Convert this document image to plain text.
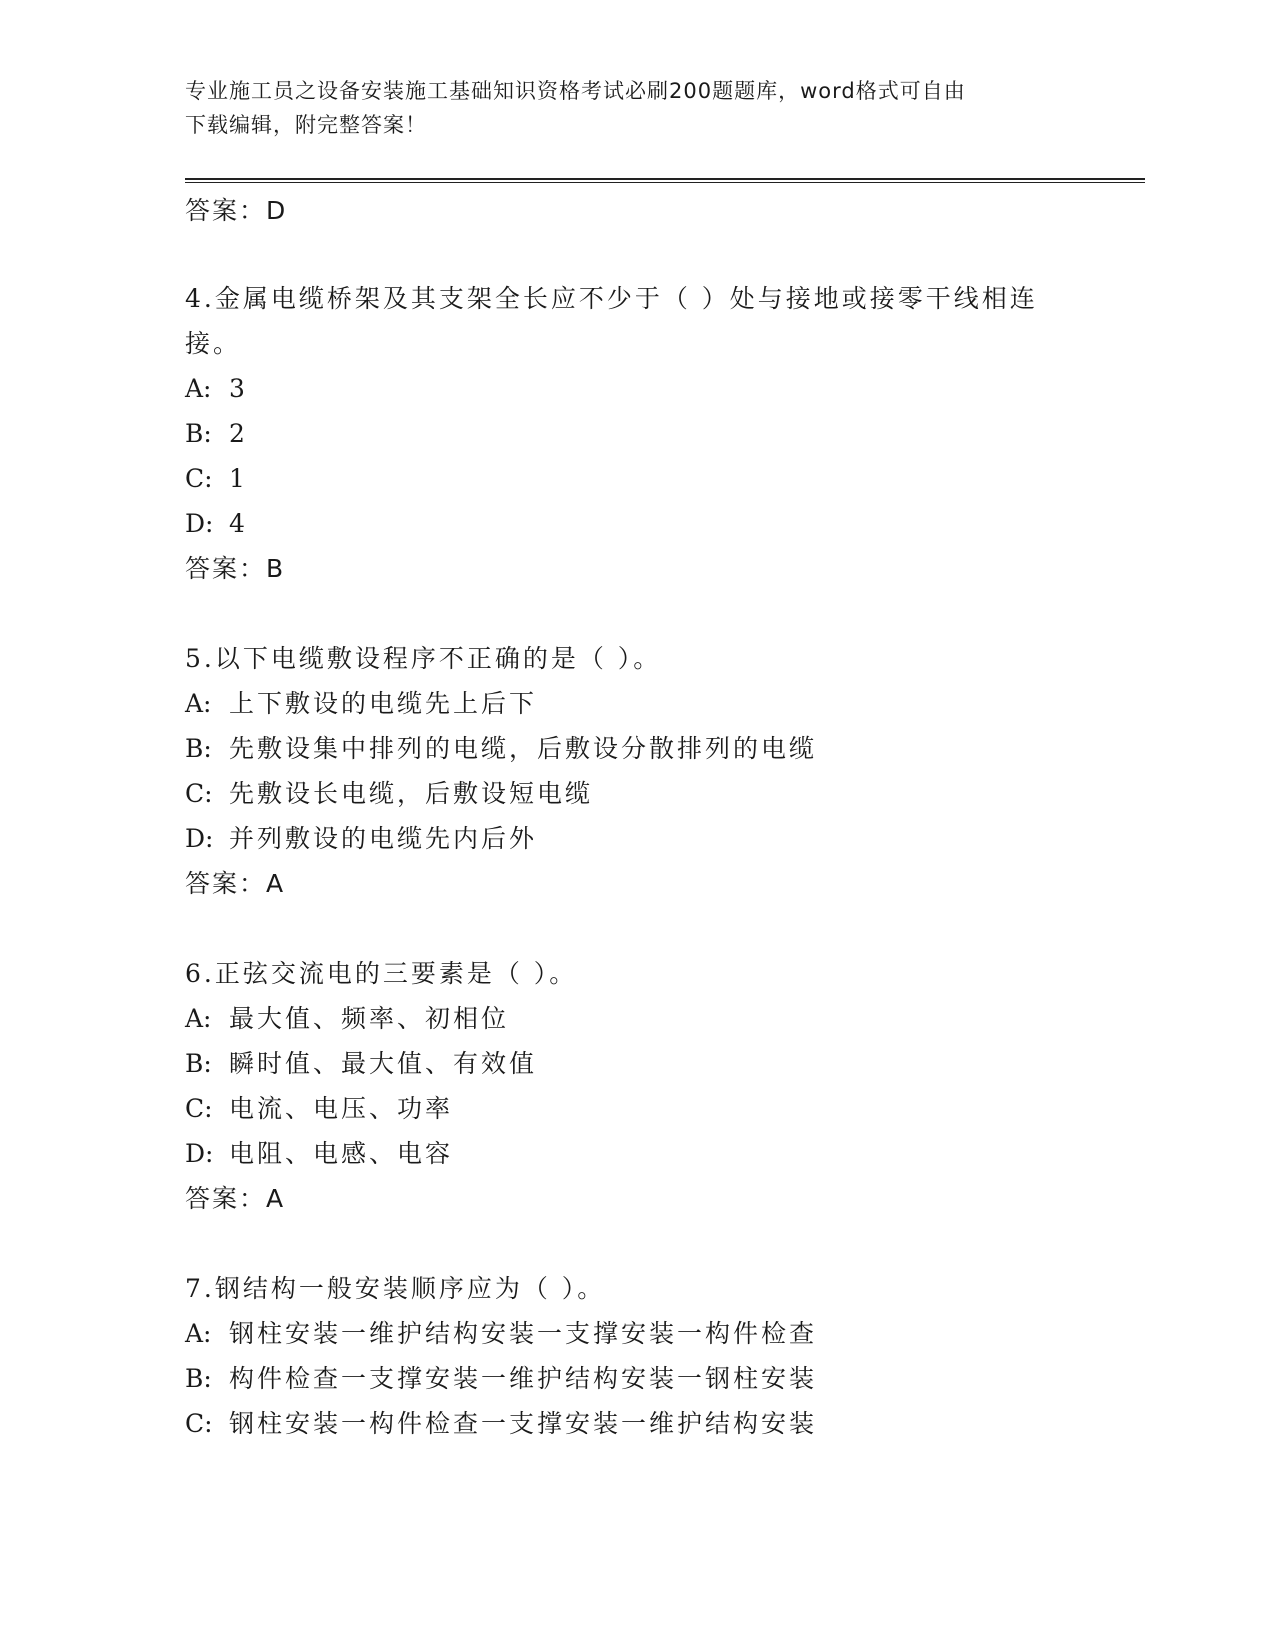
专业施工员之设备安装施工基础知识资格考试必刷200题题库，word格式可自由
下载编辑，附完整答案！
答案：D
4.金属电缆桥架及其支架全长应不少于（ ）处与接地或接零干线相连
接。
A: 3
B: 2
C: 1
D: 4
答案：B
5.以下电缆敷设程序不正确的是（ ）。
A: 上下敷设的电缆先上后下
B: 先敷设集中排列的电缆，后敷设分散排列的电缆
C: 先敷设长电缆，后敷设短电缆
D: 并列敷设的电缆先内后外
答案：A
6.正弦交流电的三要素是（ ）。
A: 最大值、频率、初相位
B: 瞬时值、最大值、有效值
C: 电流、电压、功率
D: 电阻、电感、电容
答案：A
7.钢结构一般安装顺序应为（ ）。
A: 钢柱安装一维护结构安装一支撑安装一构件检查
B: 构件检查一支撑安装一维护结构安装一钢柱安装
C: 钢柱安装一构件检查一支撑安装一维护结构安装
